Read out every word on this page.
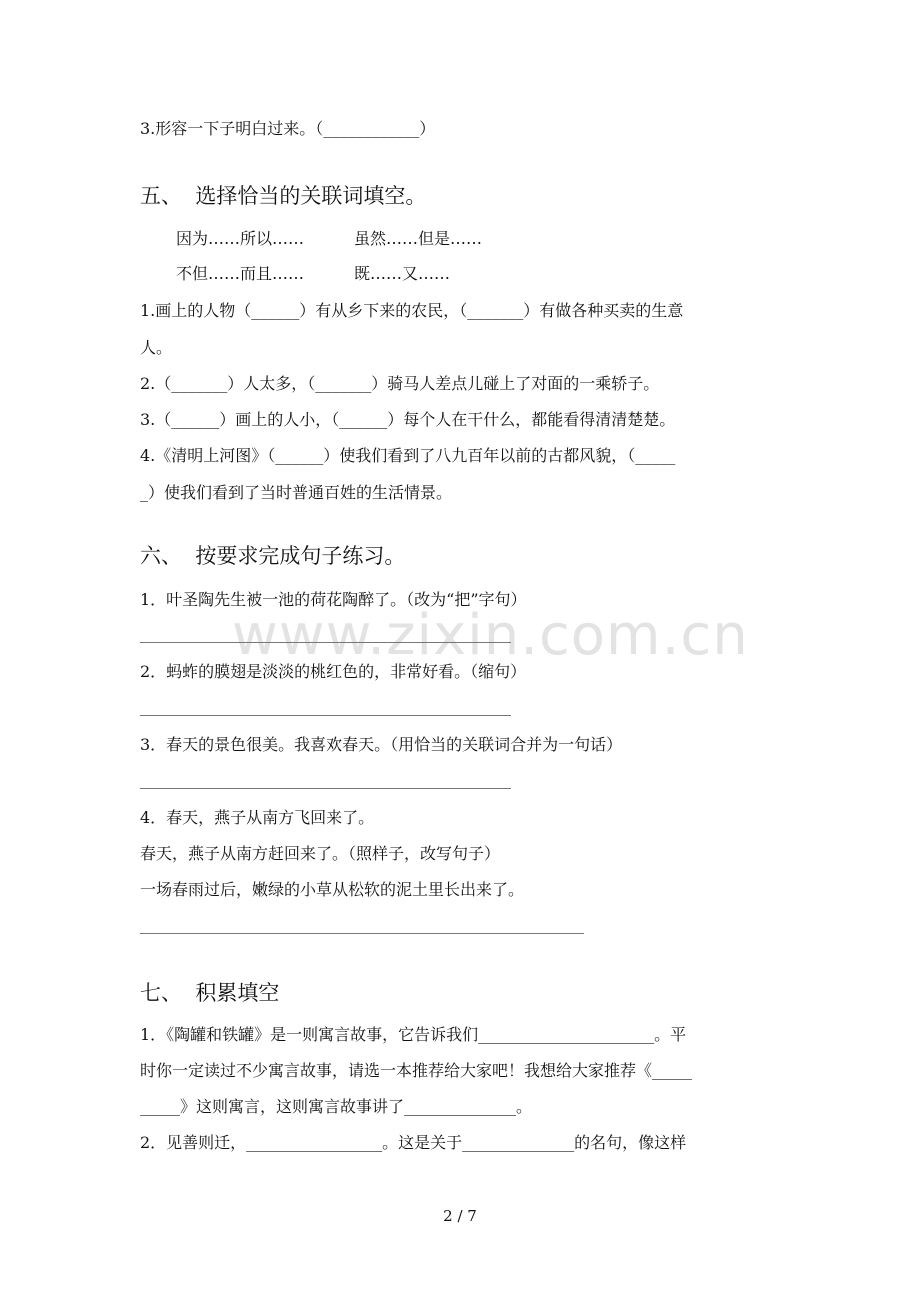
www.zixin.com.cn
3.形容一下子明白过来。（____________）
五、  选择恰当的关联词填空。
因为……所以……	虽然……但是……
不但……而且……	既……又……
1.画上的人物（______）有从乡下来的农民，（_______）有做各种买卖的生意
人。
2.（_______）人太多，（_______）骑马人差点儿碰上了对面的一乘轿子。
3.（______）画上的人小，（______）每个人在干什么，都能看得清清楚楚。
4.《清明上河图》（______）使我们看到了八九百年以前的古都风貌，（_____
_）使我们看到了当时普通百姓的生活情景。
六、  按要求完成句子练习。
1．叶圣陶先生被一池的荷花陶醉了。（改为“把”字句）
2．蚂蚱的膜翅是淡淡的桃红色的，非常好看。（缩句）
3．春天的景色很美。我喜欢春天。（用恰当的关联词合并为一句话）
4．春天，燕子从南方飞回来了。
春天，燕子从南方赶回来了。（照样子，改写句子）
一场春雨过后，嫩绿的小草从松软的泥土里长出来了。
七、  积累填空
1．《陶罐和铁罐》是一则寓言故事，它告诉我们______________________。平
时你一定读过不少寓言故事，请选一本推荐给大家吧！我想给大家推荐《_____
_____》这则寓言，这则寓言故事讲了______________。
2．见善则迁，_________________。这是关于______________的名句，像这样
2 / 7
